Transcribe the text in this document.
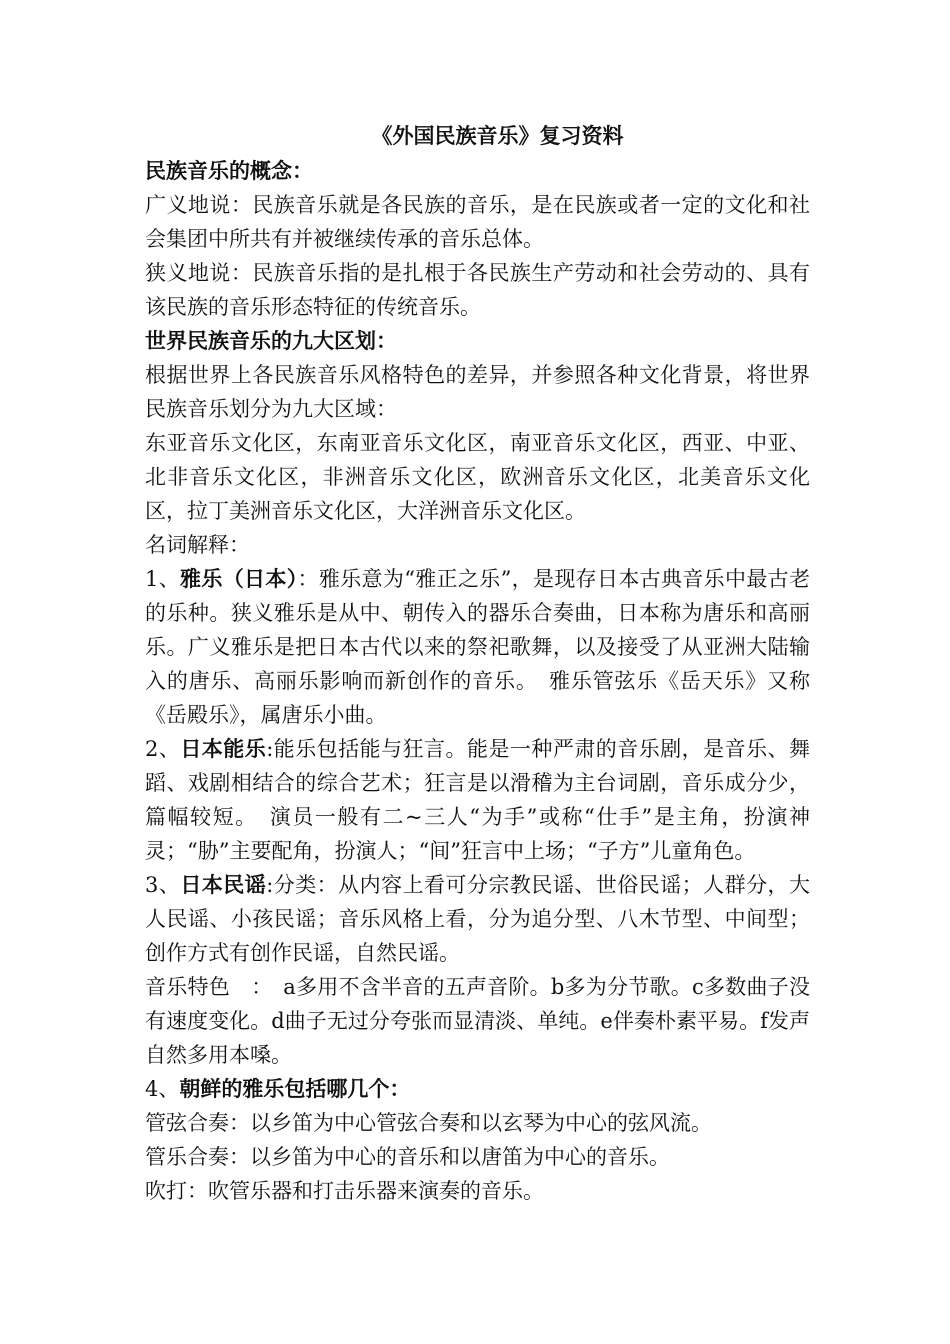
《外国民族音乐》复习资料

民族音乐的概念：

广义地说：民族音乐就是各民族的音乐，是在民族或者一定的文化和社会集团中所共有并被继续传承的音乐总体。

狭义地说：民族音乐指的是扎根于各民族生产劳动和社会劳动的、具有该民族的音乐形态特征的传统音乐。

世界民族音乐的九大区划：

根据世界上各民族音乐风格特色的差异，并参照各种文化背景，将世界民族音乐划分为九大区域：

东亚音乐文化区，东南亚音乐文化区，南亚音乐文化区，西亚、中亚、北非音乐文化区，非洲音乐文化区，欧洲音乐文化区，北美音乐文化区，拉丁美洲音乐文化区，大洋洲音乐文化区。

名词解释：

1、雅乐（日本）：雅乐意为“雅正之乐”，是现存日本古典音乐中最古老的乐种。狭义雅乐是从中、朝传入的器乐合奏曲，日本称为唐乐和高丽乐。广义雅乐是把日本古代以来的祭祀歌舞，以及接受了从亚洲大陆输入的唐乐、高丽乐影响而新创作的音乐。　雅乐管弦乐《岳天乐》又称《岳殿乐》，属唐乐小曲。

2、日本能乐:能乐包括能与狂言。能是一种严肃的音乐剧，是音乐、舞蹈、戏剧相结合的综合艺术；狂言是以滑稽为主台词剧，音乐成分少，篇幅较短。　演员一般有二~三人“为手”或称“仕手”是主角，扮演神灵；“胁”主要配角，扮演人；“间”狂言中上场；“子方”儿童角色。

3、日本民谣:分类：从内容上看可分宗教民谣、世俗民谣；人群分，大人民谣、小孩民谣；音乐风格上看，分为追分型、八木节型、中间型；创作方式有创作民谣，自然民谣。

音乐特色　：　a多用不含半音的五声音阶。b多为分节歌。c多数曲子没有速度变化。d曲子无过分夸张而显清淡、单纯。e伴奏朴素平易。f发声自然多用本嗓。

4、朝鲜的雅乐包括哪几个：

管弦合奏：以乡笛为中心管弦合奏和以玄琴为中心的弦风流。

管乐合奏：以乡笛为中心的音乐和以唐笛为中心的音乐。

吹打：吹管乐器和打击乐器来演奏的音乐。
